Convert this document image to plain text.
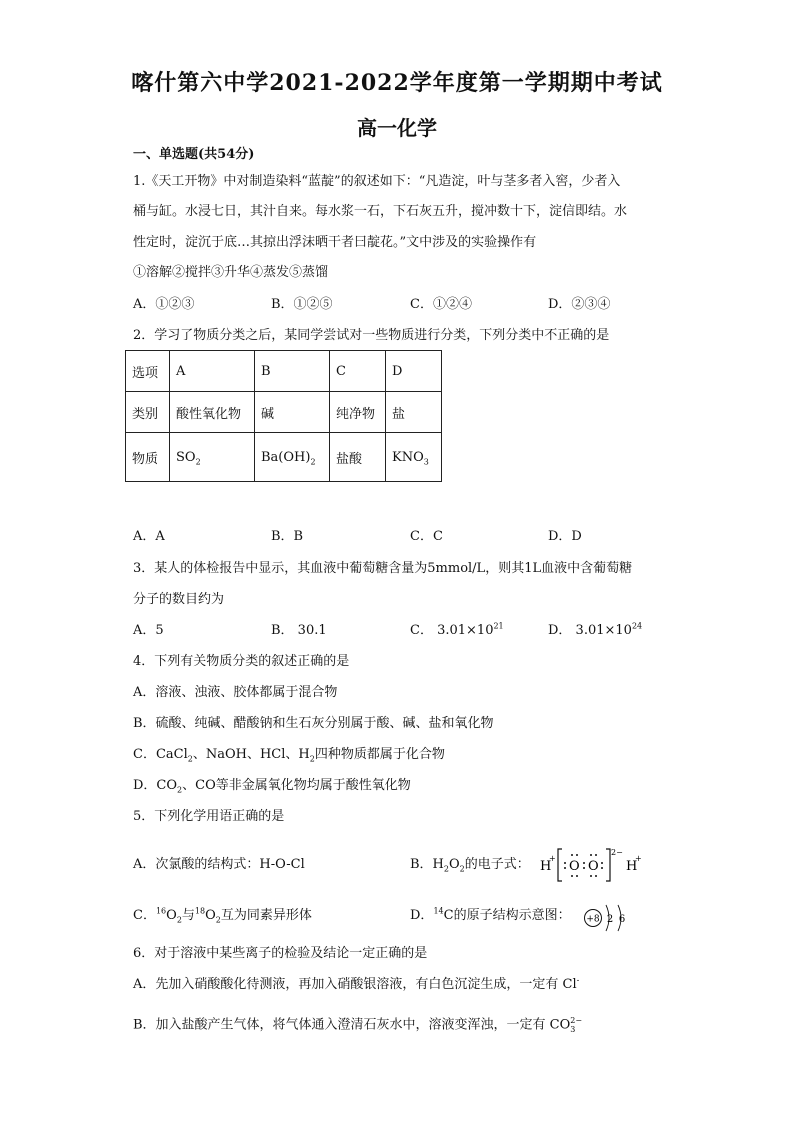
喀什第六中学2021-2022学年度第一学期期中考试
高一化学
一、单选题(共54分)
1.《天工开物》中对制造染料“蓝靛”的叙述如下：“凡造淀，叶与茎多者入窖，少者入
桶与缸。水浸七日，其汁自来。每水浆一石，下石灰五升，搅冲数十下，淀信即结。水
性定时，淀沉于底…其掠出浮沫晒干者曰靛花。”文中涉及的实验操作有
①溶解②搅拌③升华④蒸发⑤蒸馏
A．①②③	B．①②⑤	C．①②④	D．②③④
2．学习了物质分类之后，某同学尝试对一些物质进行分类，下列分类中不正确的是
选项	A	B	C	D
类别	酸性氧化物	碱	纯净物	盐
物质	$SO_2$	$Ba(OH)_2$	盐酸	$KNO_3$
A．A	B．B	C．C	D．D
3．某人的体检报告中显示，其血液中葡萄糖含量为5mmol/L，则其1L血液中含葡萄糖
分子的数目约为
A．5	B． 30.1	C． $3.01\times 10^{21}$	D． $3.01\times 10^{24}$
4．下列有关物质分类的叙述正确的是
A．溶液、浊液、胶体都属于混合物
B．硫酸、纯碱、醋酸钠和生石灰分别属于酸、碱、盐和氧化物
C．CaCl$_2$、NaOH、HCl、$H_2$四种物质都属于化合物
D．$CO_2$、CO等非金属氧化物均属于酸性氧化物
5．下列化学用语正确的是
A．次氯酸的结构式：H-O-Cl	B．$H_2O_2$的电子式： H
+
O O
2−
H
+
C．$^{16}O_2$与$^{18}O_2$互为同素异形体	D．$^{14}$C的原子结构示意图： +8 2 6
6．对于溶液中某些离子的检验及结论一定正确的是
A．先加入硝酸酸化待测液，再加入硝酸银溶液，有白色沉淀生成，一定有 Cl-
B．加入盐酸产生气体，将气体通入澄清石灰水中，溶液变浑浊，一定有 CO 2−
3
